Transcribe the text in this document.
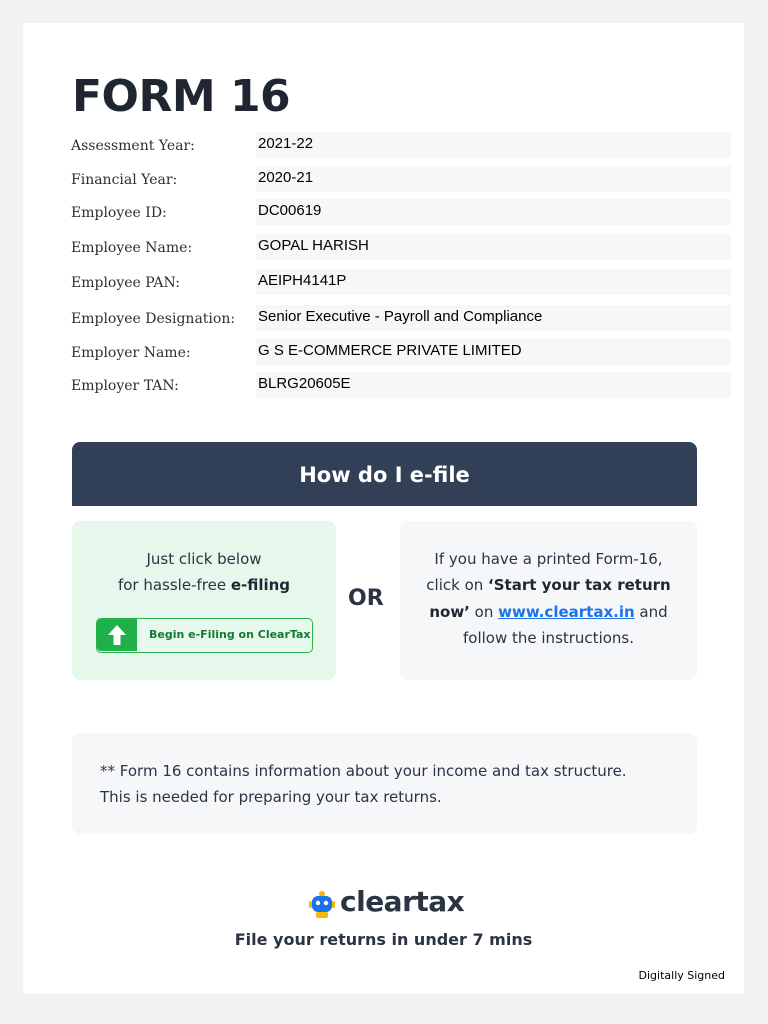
FORM 16
Assessment Year:	2021-22
Financial Year:	2020-21
Employee ID:	DC00619
Employee Name:	GOPAL HARISH
Employee PAN:	AEIPH4141P
Employee Designation: Senior Executive - Payroll and Compliance
Employer Name:	G S E-COMMERCE PRIVATE LIMITED
Employer TAN:	BLRG20605E
How do I e-file
Just click below
for hassle-free e-filing
Begin e-Filing on ClearTax
OR
If you have a printed Form-16,
click on ‘Start your tax return
now’ on www.cleartax.in and
follow the instructions.
** Form 16 contains information about your income and tax structure.
This is needed for preparing your tax returns.
cleartax
File your returns in under 7 mins
Digitally Signed
